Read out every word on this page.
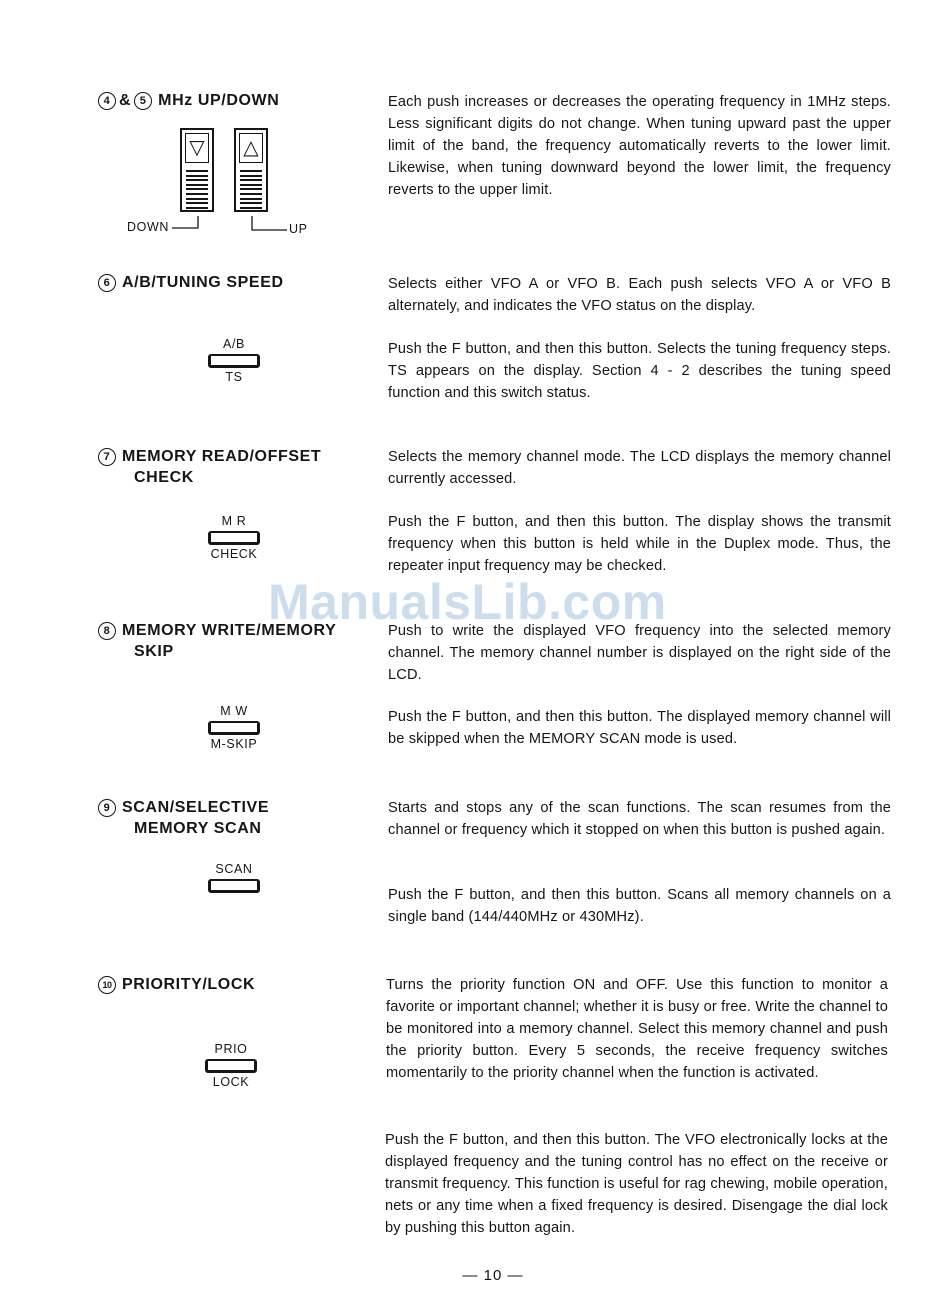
ManualsLib.com
4 & 5 MHz UP/DOWN
▽ △
DOWN	UP

Each push increases or decreases the operating frequency in 1MHz steps. Less significant digits do not change. When tuning upward past the upper limit of the band, the frequency automatically reverts to the lower limit. Likewise, when tuning downward beyond the lower limit, the frequency reverts to the upper limit.

6 A/B/TUNING SPEED
A/B
TS

Selects either VFO A or VFO B. Each push selects VFO A or VFO B alternately, and indicates the VFO status on the display.

Push the F button, and then this button. Selects the tuning frequency steps. TS appears on the display. Section 4 - 2 describes the tuning speed function and this switch status.

7 MEMORY READ/OFFSET
CHECK
M R
CHECK

Selects the memory channel mode. The LCD displays the memory channel currently accessed.

Push the F button, and then this button. The display shows the transmit frequency when this button is held while in the Duplex mode. Thus, the repeater input frequency may be checked.

8 MEMORY WRITE/MEMORY
SKIP
M W
M-SKIP

Push to write the displayed VFO frequency into the selected memory channel. The memory channel number is displayed on the right side of the LCD.

Push the F button, and then this button. The displayed memory channel will be skipped when the MEMORY SCAN mode is used.

9 SCAN/SELECTIVE
MEMORY SCAN
SCAN

Starts and stops any of the scan functions. The scan resumes from the channel or frequency which it stopped on when this button is pushed again.

Push the F button, and then this button. Scans all memory channels on a single band (144/440MHz or 430MHz).

10 PRIORITY/LOCK
PRIO
LOCK

Turns the priority function ON and OFF. Use this function to monitor a favorite or important channel; whether it is busy or free. Write the channel to be monitored into a memory channel. Select this memory channel and push the priority button. Every 5 seconds, the receive frequency switches momentarily to the priority channel when the function is activated.

Push the F button, and then this button. The VFO electronically locks at the displayed frequency and the tuning control has no effect on the receive or transmit frequency. This function is useful for rag chewing, mobile operation, nets or any time when a fixed frequency is desired. Disengage the dial lock by pushing this button again.

— 10 —
